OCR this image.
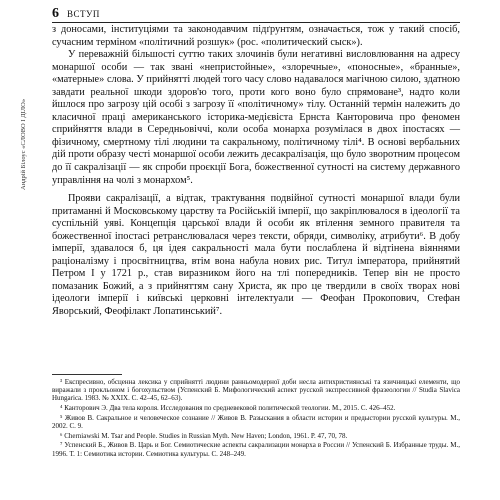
6 ВСТУП
Андрій Білоус «СЛОВО І ДІЛО»

з доносами, інституціями та законодавчим підґрунтям, означається, тож у такий спосіб, сучасним терміном «політичний розшук» (рос. «политический сыск»).

У переважній більшості суттю таких злочинів були негативні висловлювання на адресу монаршої особи — так звані «непристойные», «злоречные», «поносные», «бранные», «матерные» слова. У прийнятті людей того часу слово надавалося магічною силою, здатною завдати реальної шкоди здоров'ю того, проти кого воно було спрямоване³, надто коли йшлося про загрозу цій особі з загрозу її «політичному» тілу. Останній термін належить до класичної праці американського історика-медієвіста Ернста Канторовича про феномен сприйняття влади в Середньовіччі, коли особа монарха розумілася в двох іпостасях — фізичному, смертному тілі людини та сакральному, політичному тілі⁴. В основі вербальних дій проти образу честі монаршої особи лежить десакралізація, що було зворотним процесом до її сакралізації — як спроби проєкції Бога, божественної сутності на систему державного управління на чолі з монархом⁵.

Прояви сакралізації, а відтак, трактування подвійної сутності монаршої влади були притаманні й Московському царству та Російській імперії, що закріплювалося в ідеології та суспільній уяві. Концепція царської влади й особи як втілення земного правителя та божественної іпостасі ретранслювалася через тексти, обряди, символіку, атрибути⁶. В добу імперії, здавалося б, ця ідея сакральності мала бути послаблена й відтінена віяннями раціоналізму і просвітництва, втім вона набула нових рис. Титул імператора, прийнятий Петром І у 1721 р., став виразником його на тлі попередників. Тепер він не просто помазаник Божий, а з прийняттям сану Христа, як про це твердили в своїх творах нові ідеологи імперії і київські церковні інтелектуали — Феофан Прокопович, Стефан Яворський, Феофілакт Лопатинський⁷.

³ Експресивно, обсценна лексика у сприйнятті людини ранньомодерної доби несла антихристиянські та язичницькі елементи, що виражали з прокльоном і богохульством (Успенский Б. Мифологический аспект русской экспрессивной фразеологии // Studia Slavica Hungarica. 1983. № XXIX. С. 42–45, 62–63).

⁴ Канторович Э. Два тела короля. Исследования по средневековой политической теологии. М., 2015. С. 426–452.

⁵ Живов В. Сакральное и человеческое сознание // Живов В. Разыскания в области истории и предыстории русской культуры. М., 2002. С. 9.

⁶ Cherniawski M. Tsar and People. Studies in Russian Myth. New Haven; London, 1961. P. 47, 70, 78.

⁷ Успенский Б., Живов В. Царь и Бог. Семиотические аспекты сакрализации монарха в России // Успенский Б. Избранные труды. М., 1996. Т. 1: Семиотика истории. Семиотика культуры. С. 248–249.
